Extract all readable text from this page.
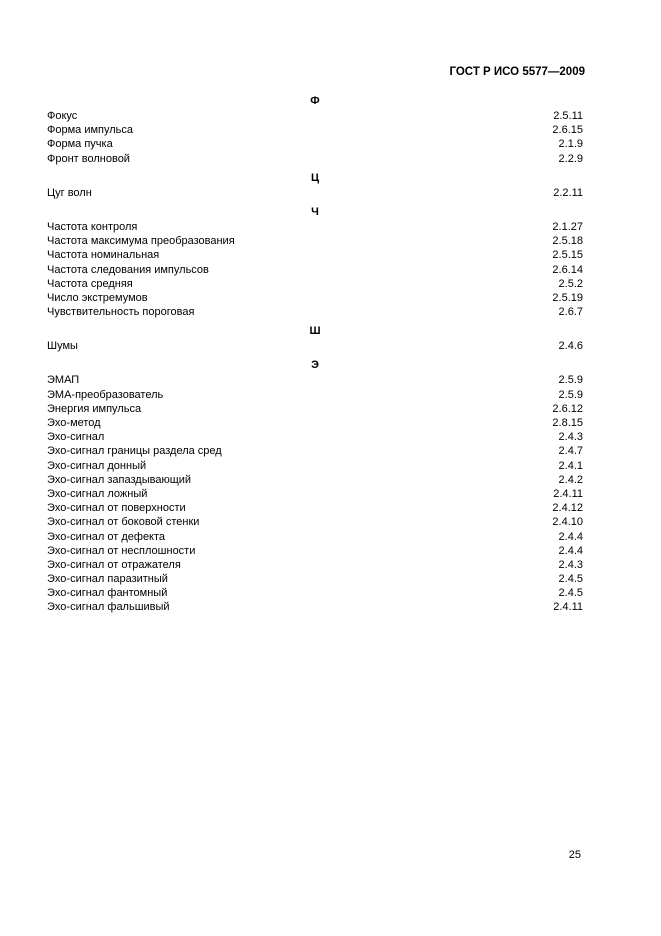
ГОСТ Р ИСО 5577—2009
Ф
Фокус	2.5.11
Форма импульса	2.6.15
Форма пучка	2.1.9
Фронт волновой	2.2.9
Ц
Цуг волн	2.2.11
Ч
Частота контроля	2.1.27
Частота максимума преобразования	2.5.18
Частота номинальная	2.5.15
Частота следования импульсов	2.6.14
Частота средняя	2.5.2
Число экстремумов	2.5.19
Чувствительность пороговая	2.6.7
Ш
Шумы	2.4.6
Э
ЭМАП	2.5.9
ЭМА-преобразователь	2.5.9
Энергия импульса	2.6.12
Эхо-метод	2.8.15
Эхо-сигнал	2.4.3
Эхо-сигнал границы раздела сред	2.4.7
Эхо-сигнал донный	2.4.1
Эхо-сигнал запаздывающий	2.4.2
Эхо-сигнал ложный	2.4.11
Эхо-сигнал от поверхности	2.4.12
Эхо-сигнал от боковой стенки	2.4.10
Эхо-сигнал от дефекта	2.4.4
Эхо-сигнал от несплошности	2.4.4
Эхо-сигнал от отражателя	2.4.3
Эхо-сигнал паразитный	2.4.5
Эхо-сигнал фантомный	2.4.5
Эхо-сигнал фальшивый	2.4.11
25
